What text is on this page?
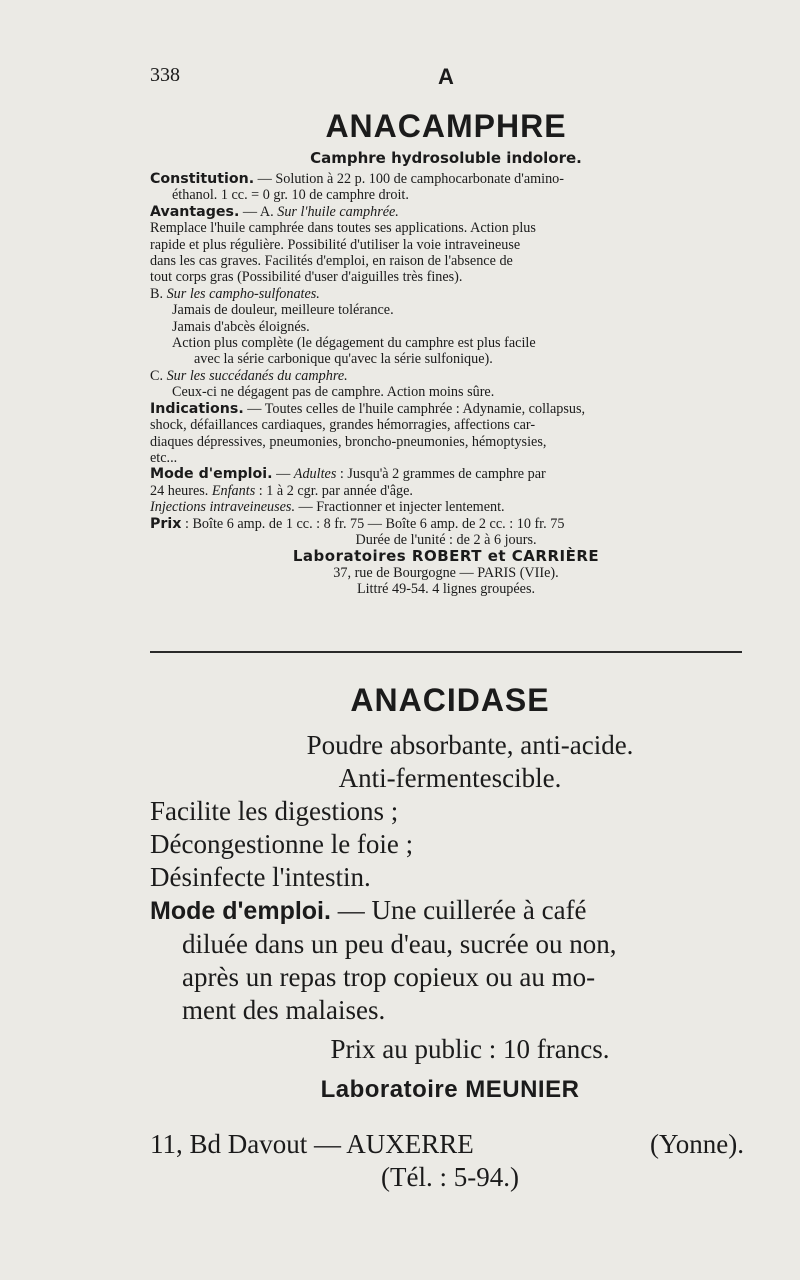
338	A
ANACAMPHRE
Camphre hydrosoluble indolore.

Constitution. — Solution à 22 p. 100 de camphocarbonate d'amino-

éthanol. 1 cc. = 0 gr. 10 de camphre droit.

Avantages. — A. Sur l'huile camphrée.

Remplace l'huile camphrée dans toutes ses applications. Action plus

rapide et plus régulière. Possibilité d'utiliser la voie intraveineuse

dans les cas graves. Facilités d'emploi, en raison de l'absence de

tout corps gras (Possibilité d'user d'aiguilles très fines).

B. Sur les campho-sulfonates.

Jamais de douleur, meilleure tolérance.

Jamais d'abcès éloignés.

Action plus complète (le dégagement du camphre est plus facile

avec la série carbonique qu'avec la série sulfonique).

C. Sur les succédanés du camphre.

Ceux-ci ne dégagent pas de camphre. Action moins sûre.

Indications. — Toutes celles de l'huile camphrée : Adynamie, collapsus,

shock, défaillances cardiaques, grandes hémorragies, affections car-

diaques dépressives, pneumonies, broncho-pneumonies, hémoptysies,

etc...

Mode d'emploi. — Adultes : Jusqu'à 2 grammes de camphre par

24 heures. Enfants : 1 à 2 cgr. par année d'âge.

Injections intraveineuses. — Fractionner et injecter lentement.

Prix : Boîte 6 amp. de 1 cc. : 8 fr. 75 — Boîte 6 amp. de 2 cc. : 10 fr. 75

Durée de l'unité : de 2 à 6 jours.

Laboratoires ROBERT et CARRIÈRE

37, rue de Bourgogne — PARIS (VIIe).

Littré 49-54. 4 lignes groupées.

ANACIDASE

Poudre absorbante, anti-acide.

Anti-fermentescible.

Facilite les digestions ;

Décongestionne le foie ;

Désinfecte l'intestin.

Mode d'emploi. — Une cuillerée à café

diluée dans un peu d'eau, sucrée ou non,

après un repas trop copieux ou au mo-

ment des malaises.

Prix au public : 10 francs.

Laboratoire MEUNIER

11, Bd Davout — AUXERRE	(Yonne).

(Tél. : 5-94.)
